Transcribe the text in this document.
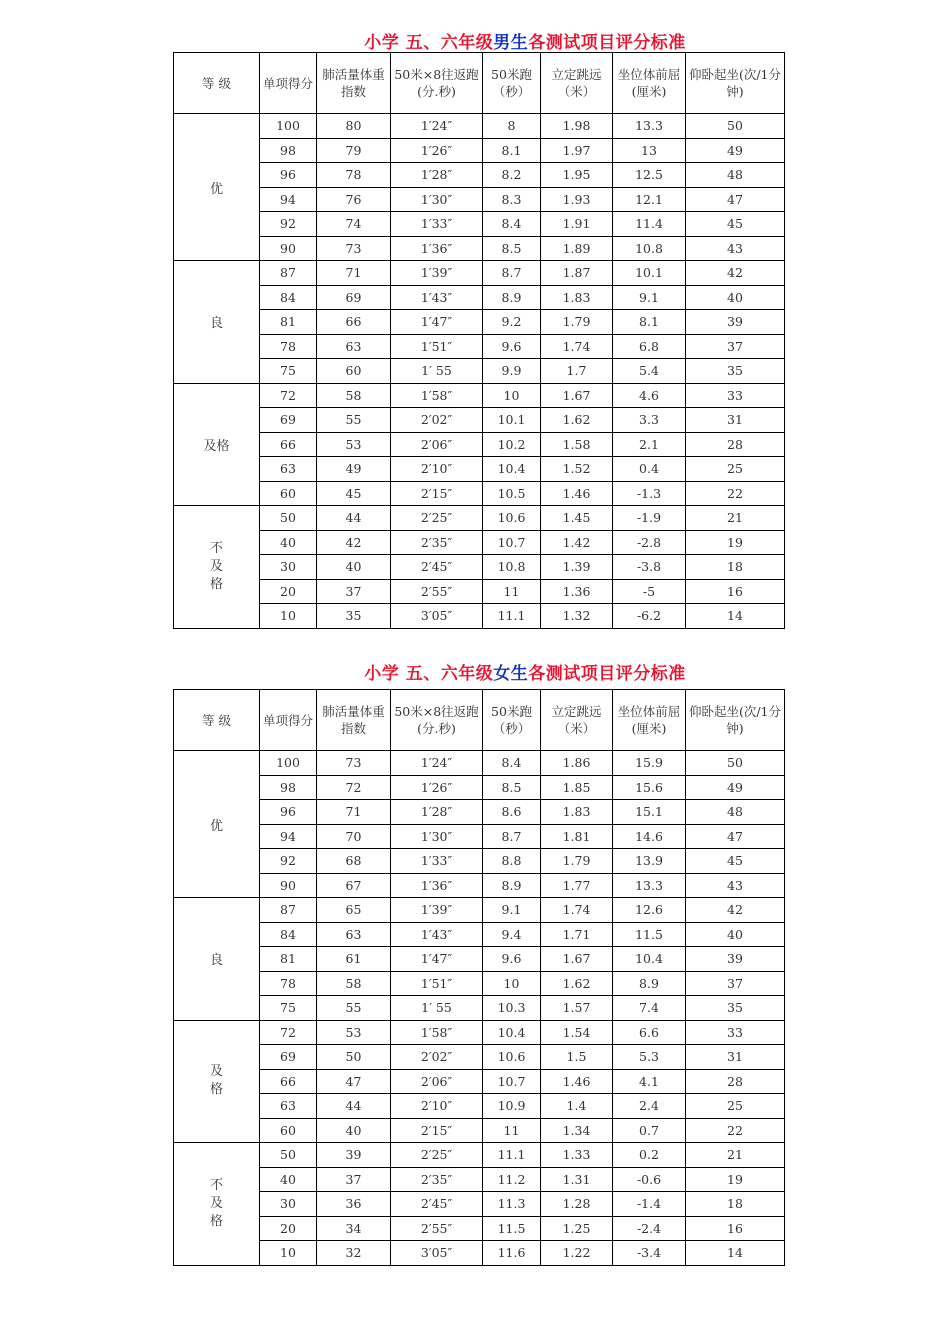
小学 五、六年级男生各测试项目评分标准
等 级	单项得分	肺活量体重指数	50米×8往返跑(分.秒)	50米跑（秒）	立定跳远（米）	坐位体前屈(厘米)	仰卧起坐(次/1分钟)
优	100	80	1′24″	8	1.98	13.3	50
	98	79	1′26″	8.1	1.97	13	49
	96	78	1′28″	8.2	1.95	12.5	48
	94	76	1′30″	8.3	1.93	12.1	47
	92	74	1′33″	8.4	1.91	11.4	45
	90	73	1′36″	8.5	1.89	10.8	43
良	87	71	1′39″	8.7	1.87	10.1	42
	84	69	1′43″	8.9	1.83	9.1	40
	81	66	1′47″	9.2	1.79	8.1	39
	78	63	1′51″	9.6	1.74	6.8	37
	75	60	1′ 55	9.9	1.7	5.4	35
及格	72	58	1′58″	10	1.67	4.6	33
	69	55	2′02″	10.1	1.62	3.3	31
	66	53	2′06″	10.2	1.58	2.1	28
	63	49	2′10″	10.4	1.52	0.4	25
	60	45	2′15″	10.5	1.46	-1.3	22
不及格	50	44	2′25″	10.6	1.45	-1.9	21
	40	42	2′35″	10.7	1.42	-2.8	19
	30	40	2′45″	10.8	1.39	-3.8	18
	20	37	2′55″	11	1.36	-5	16
	10	35	3′05″	11.1	1.32	-6.2	14
小学 五、六年级女生各测试项目评分标准
等 级	单项得分	肺活量体重指数	50米×8往返跑(分.秒)	50米跑（秒）	立定跳远（米）	坐位体前屈(厘米)	仰卧起坐(次/1分钟)
优	100	73	1′24″	8.4	1.86	15.9	50
	98	72	1′26″	8.5	1.85	15.6	49
	96	71	1′28″	8.6	1.83	15.1	48
	94	70	1′30″	8.7	1.81	14.6	47
	92	68	1′33″	8.8	1.79	13.9	45
	90	67	1′36″	8.9	1.77	13.3	43
良	87	65	1′39″	9.1	1.74	12.6	42
	84	63	1′43″	9.4	1.71	11.5	40
	81	61	1′47″	9.6	1.67	10.4	39
	78	58	1′51″	10	1.62	8.9	37
	75	55	1′ 55	10.3	1.57	7.4	35
及格	72	53	1′58″	10.4	1.54	6.6	33
	69	50	2′02″	10.6	1.5	5.3	31
	66	47	2′06″	10.7	1.46	4.1	28
	63	44	2′10″	10.9	1.4	2.4	25
	60	40	2′15″	11	1.34	0.7	22
不及格	50	39	2′25″	11.1	1.33	0.2	21
	40	37	2′35″	11.2	1.31	-0.6	19
	30	36	2′45″	11.3	1.28	-1.4	18
	20	34	2′55″	11.5	1.25	-2.4	16
	10	32	3′05″	11.6	1.22	-3.4	14
